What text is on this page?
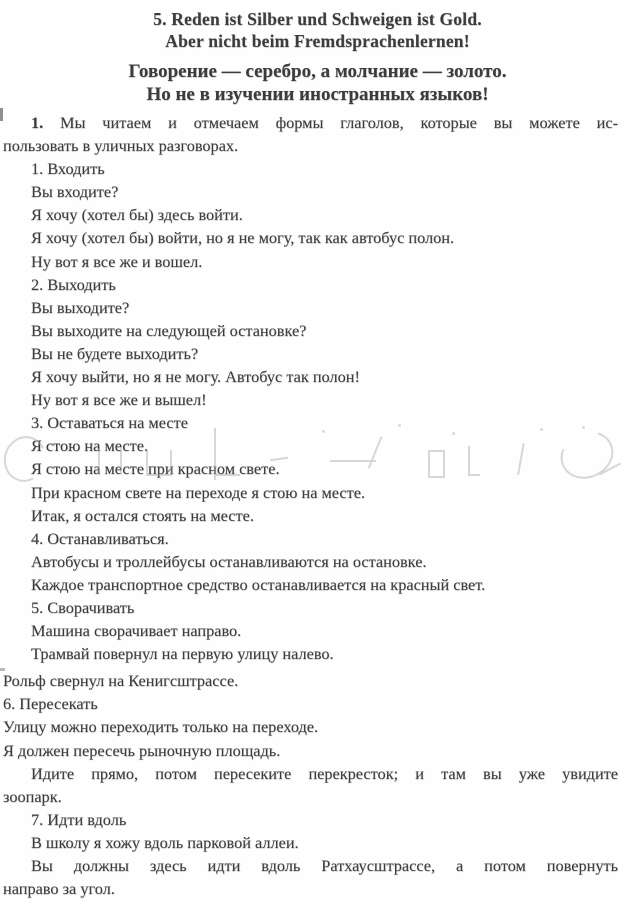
5. Reden ist Silber und Schweigen ist Gold.

Aber nicht beim Fremdsprachenlernen!

Говорение — серебро, а молчание — золото.

Но не в изучении иностранных языков!

1. Мы читаем и отмечаем формы глаголов, которые вы можете ис-

пользовать в уличных разговорах.

1. Входить

Вы входите?

Я хочу (хотел бы) здесь войти.

Я хочу (хотел бы) войти, но я не могу, так как автобус полон.

Ну вот я все же и вошел.

2. Выходить

Вы выходите?

Вы выходите на следующей остановке?

Вы не будете выходить?

Я хочу выйти, но я не могу. Автобус так полон!

Ну вот я все же и вышел!

3. Оставаться на месте

Я стою на месте.

Я стою на месте при красном свете.

При красном свете на переходе я стою на месте.

Итак, я остался стоять на месте.

4. Останавливаться.

Автобусы и троллейбусы останавливаются на остановке.

Каждое транспортное средство останавливается на красный свет.

5. Сворачивать

Машина сворачивает направо.

Трамвай повернул на первую улицу налево.

Рольф свернул на Кенигсштрассе.

6. Пересекать

Улицу можно переходить только на переходе.

Я должен пересечь рыночную площадь.

Идите прямо, потом пересеките перекресток; и там вы уже увидите

зоопарк.

7. Идти вдоль

В школу я хожу вдоль парковой аллеи.

Вы должны здесь идти вдоль Ратхаусштрассе, а потом повернуть

направо за угол.
